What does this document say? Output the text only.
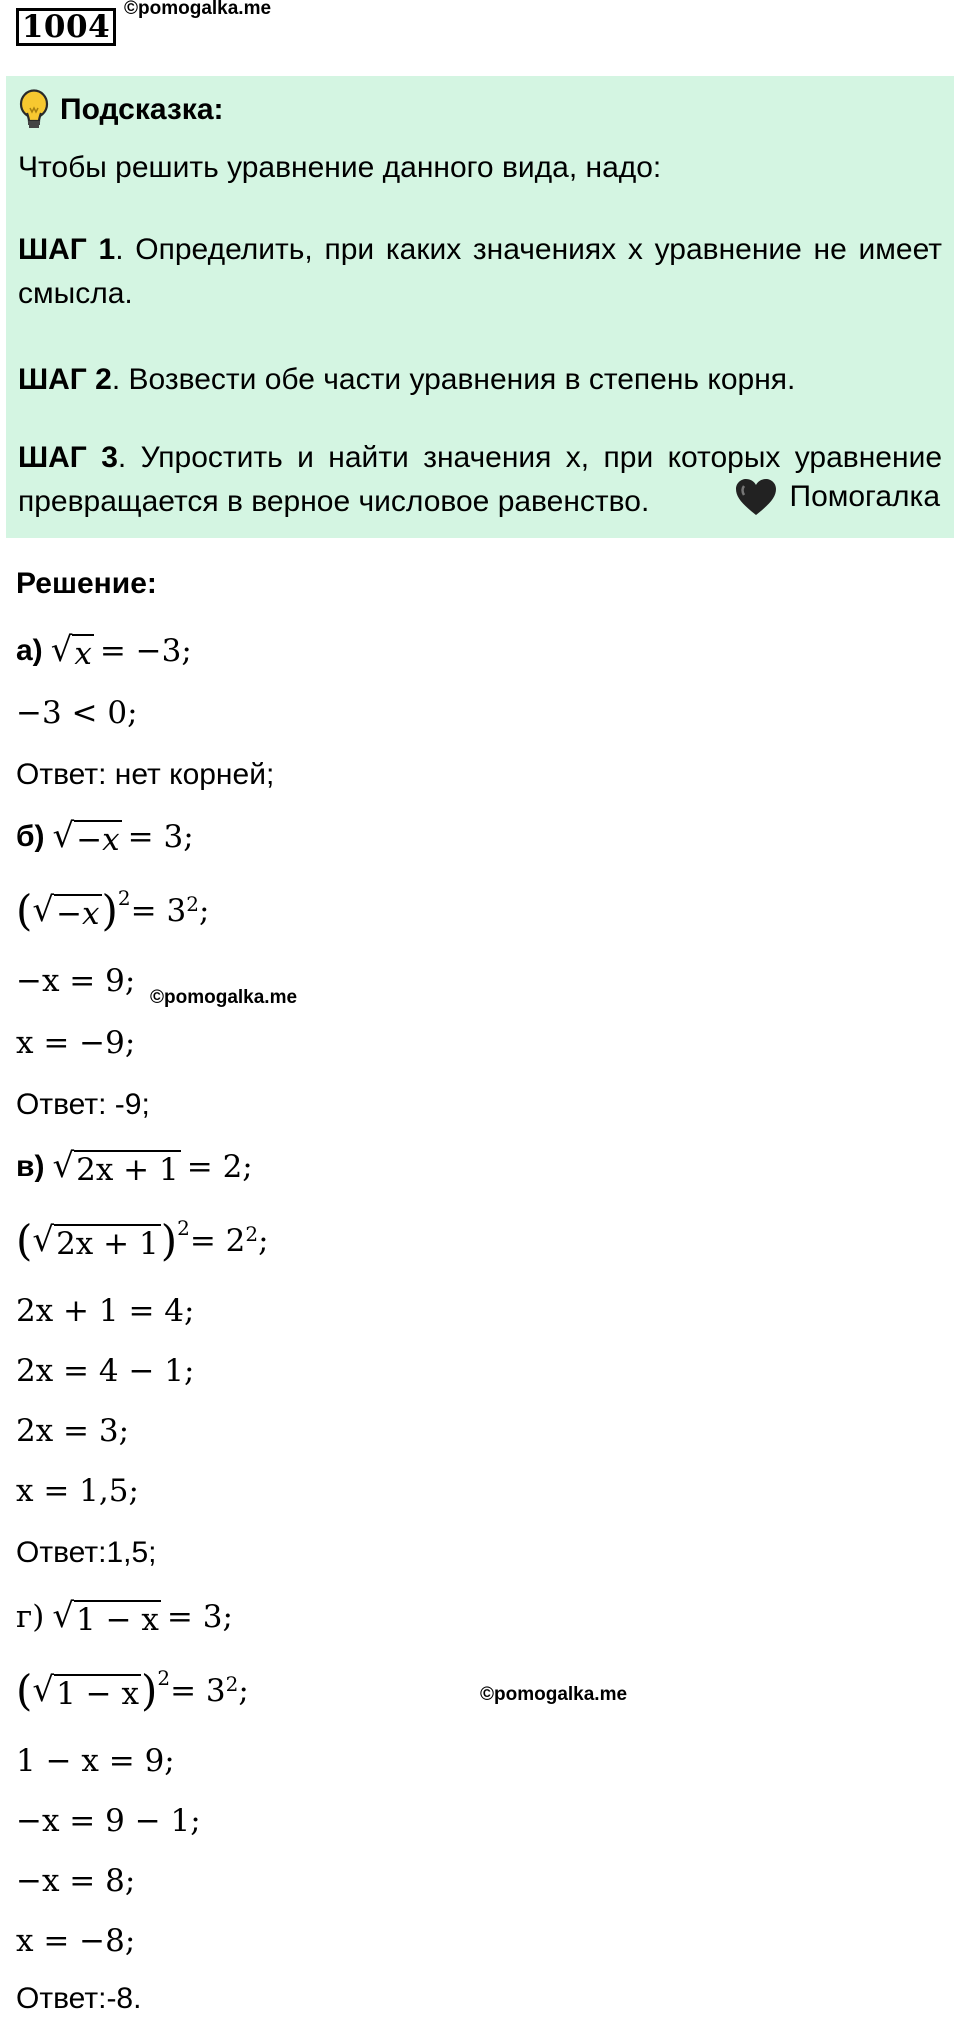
1004
©pomogalka.me
Подсказка:

Чтобы решить уравнение данного вида, надо:

ШАГ 1. Определить, при каких значениях x уравнение не имеет смысла.

ШАГ 2. Возвести обе части уравнения в степень корня.

ШАГ 3. Упростить и найти значения x, при которых уравнение превращается в верное числовое равенство.	Помогалка
Решение:
а) √ x = −3;
−3 < 0;
Ответ: нет корней;
б) √ −x = 3;
( √ −x )$^2 = 3^2$ ;
−x = 9; ©pomogalka.me
x = −9;
Ответ: -9;
в) √ 2x + 1 = 2;
( √ 2x + 1 )$^2 = 2^2$ ;
2x + 1 = 4;
2x = 4 − 1;
2x = 3;
x = 1,5;
Ответ:1,5;
г) √ 1 − x = 3;
( √ 1 − x )$^2 = 3^2$ ;	©pomogalka.me
1 − x = 9;
−x = 9 − 1;
−x = 8;
x = −8;
Ответ:-8.
